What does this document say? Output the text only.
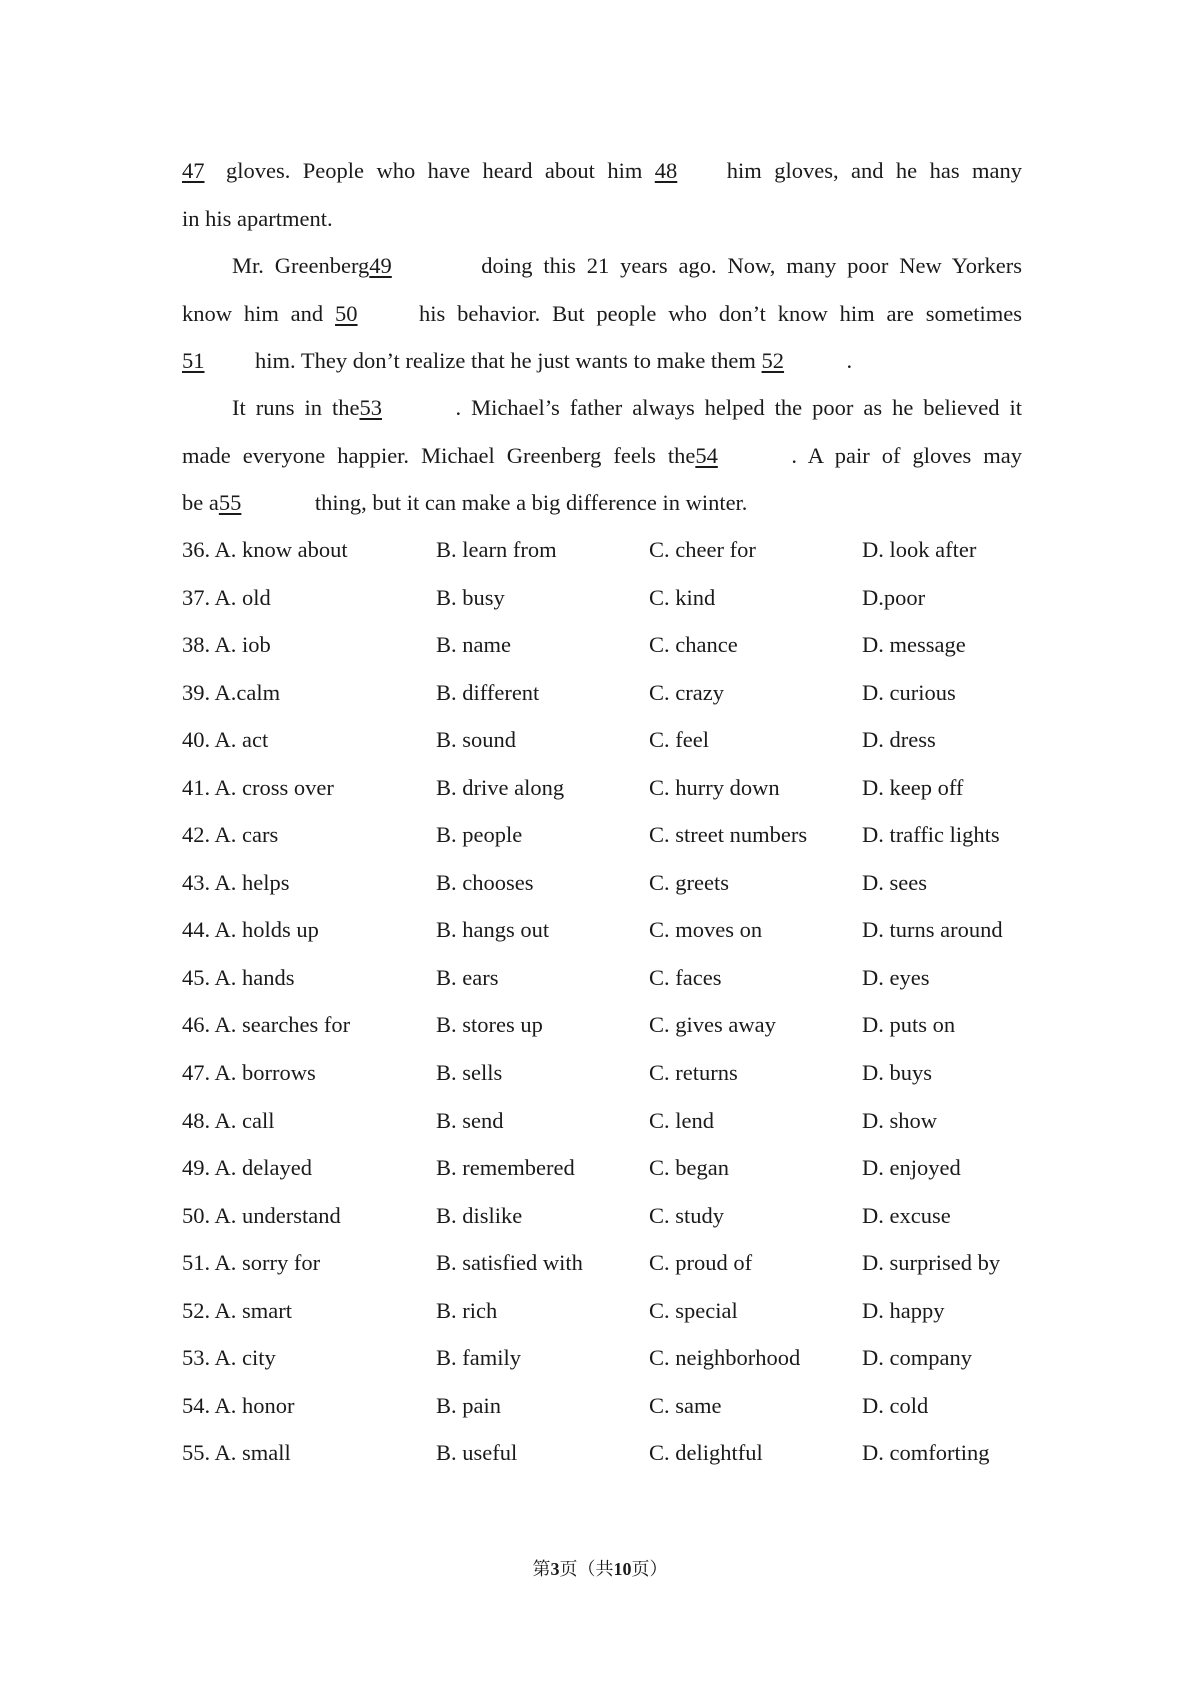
47 gloves. People who have heard about him 48 him gloves, and he has many
in his apartment.
Mr. Greenberg49	doing this 21 years ago. Now, many poor New Yorkers
know him and 50	his behavior. But people who don’t know him are sometimes
51 him. They don’t realize that he just wants to make them 52	.
It runs in the53	. Michael’s father always helped the poor as he believed it
made everyone happier. Michael Greenberg feels the54	. A pair of gloves may
be a55	thing, but it can make a big difference in winter.
36. A. know about	B. learn from	C. cheer for	D. look after
37. A. old	B. busy	C. kind	D.poor
38. A. iob	B. name	C. chance	D. message
39. A.calm	B. different	C. crazy	D. curious
40. A. act	B. sound	C. feel	D. dress
41. A. cross over	B. drive along	C. hurry down	D. keep off
42. A. cars	B. people	C. street numbers D. traffic lights
43. A. helps	B. chooses	C. greets	D. sees
44. A. holds up	B. hangs out	C. moves on	D. turns around
45. A. hands	B. ears	C. faces	D. eyes
46. A. searches for	B. stores up	C. gives away	D. puts on
47. A. borrows	B. sells	C. returns	D. buys
48. A. call	B. send	C. lend	D. show
49. A. delayed	B. remembered	C. began	D. enjoyed
50. A. understand	B. dislike	C. study	D. excuse
51. A. sorry for	B. satisfied with	C. proud of	D. surprised by
52. A. smart	B. rich	C. special	D. happy
53. A. city	B. family	C. neighborhood	D. company
54. A. honor	B. pain	C. same	D. cold
55. A. small	B. useful	C. delightful	D. comforting
第3页（共10页）
